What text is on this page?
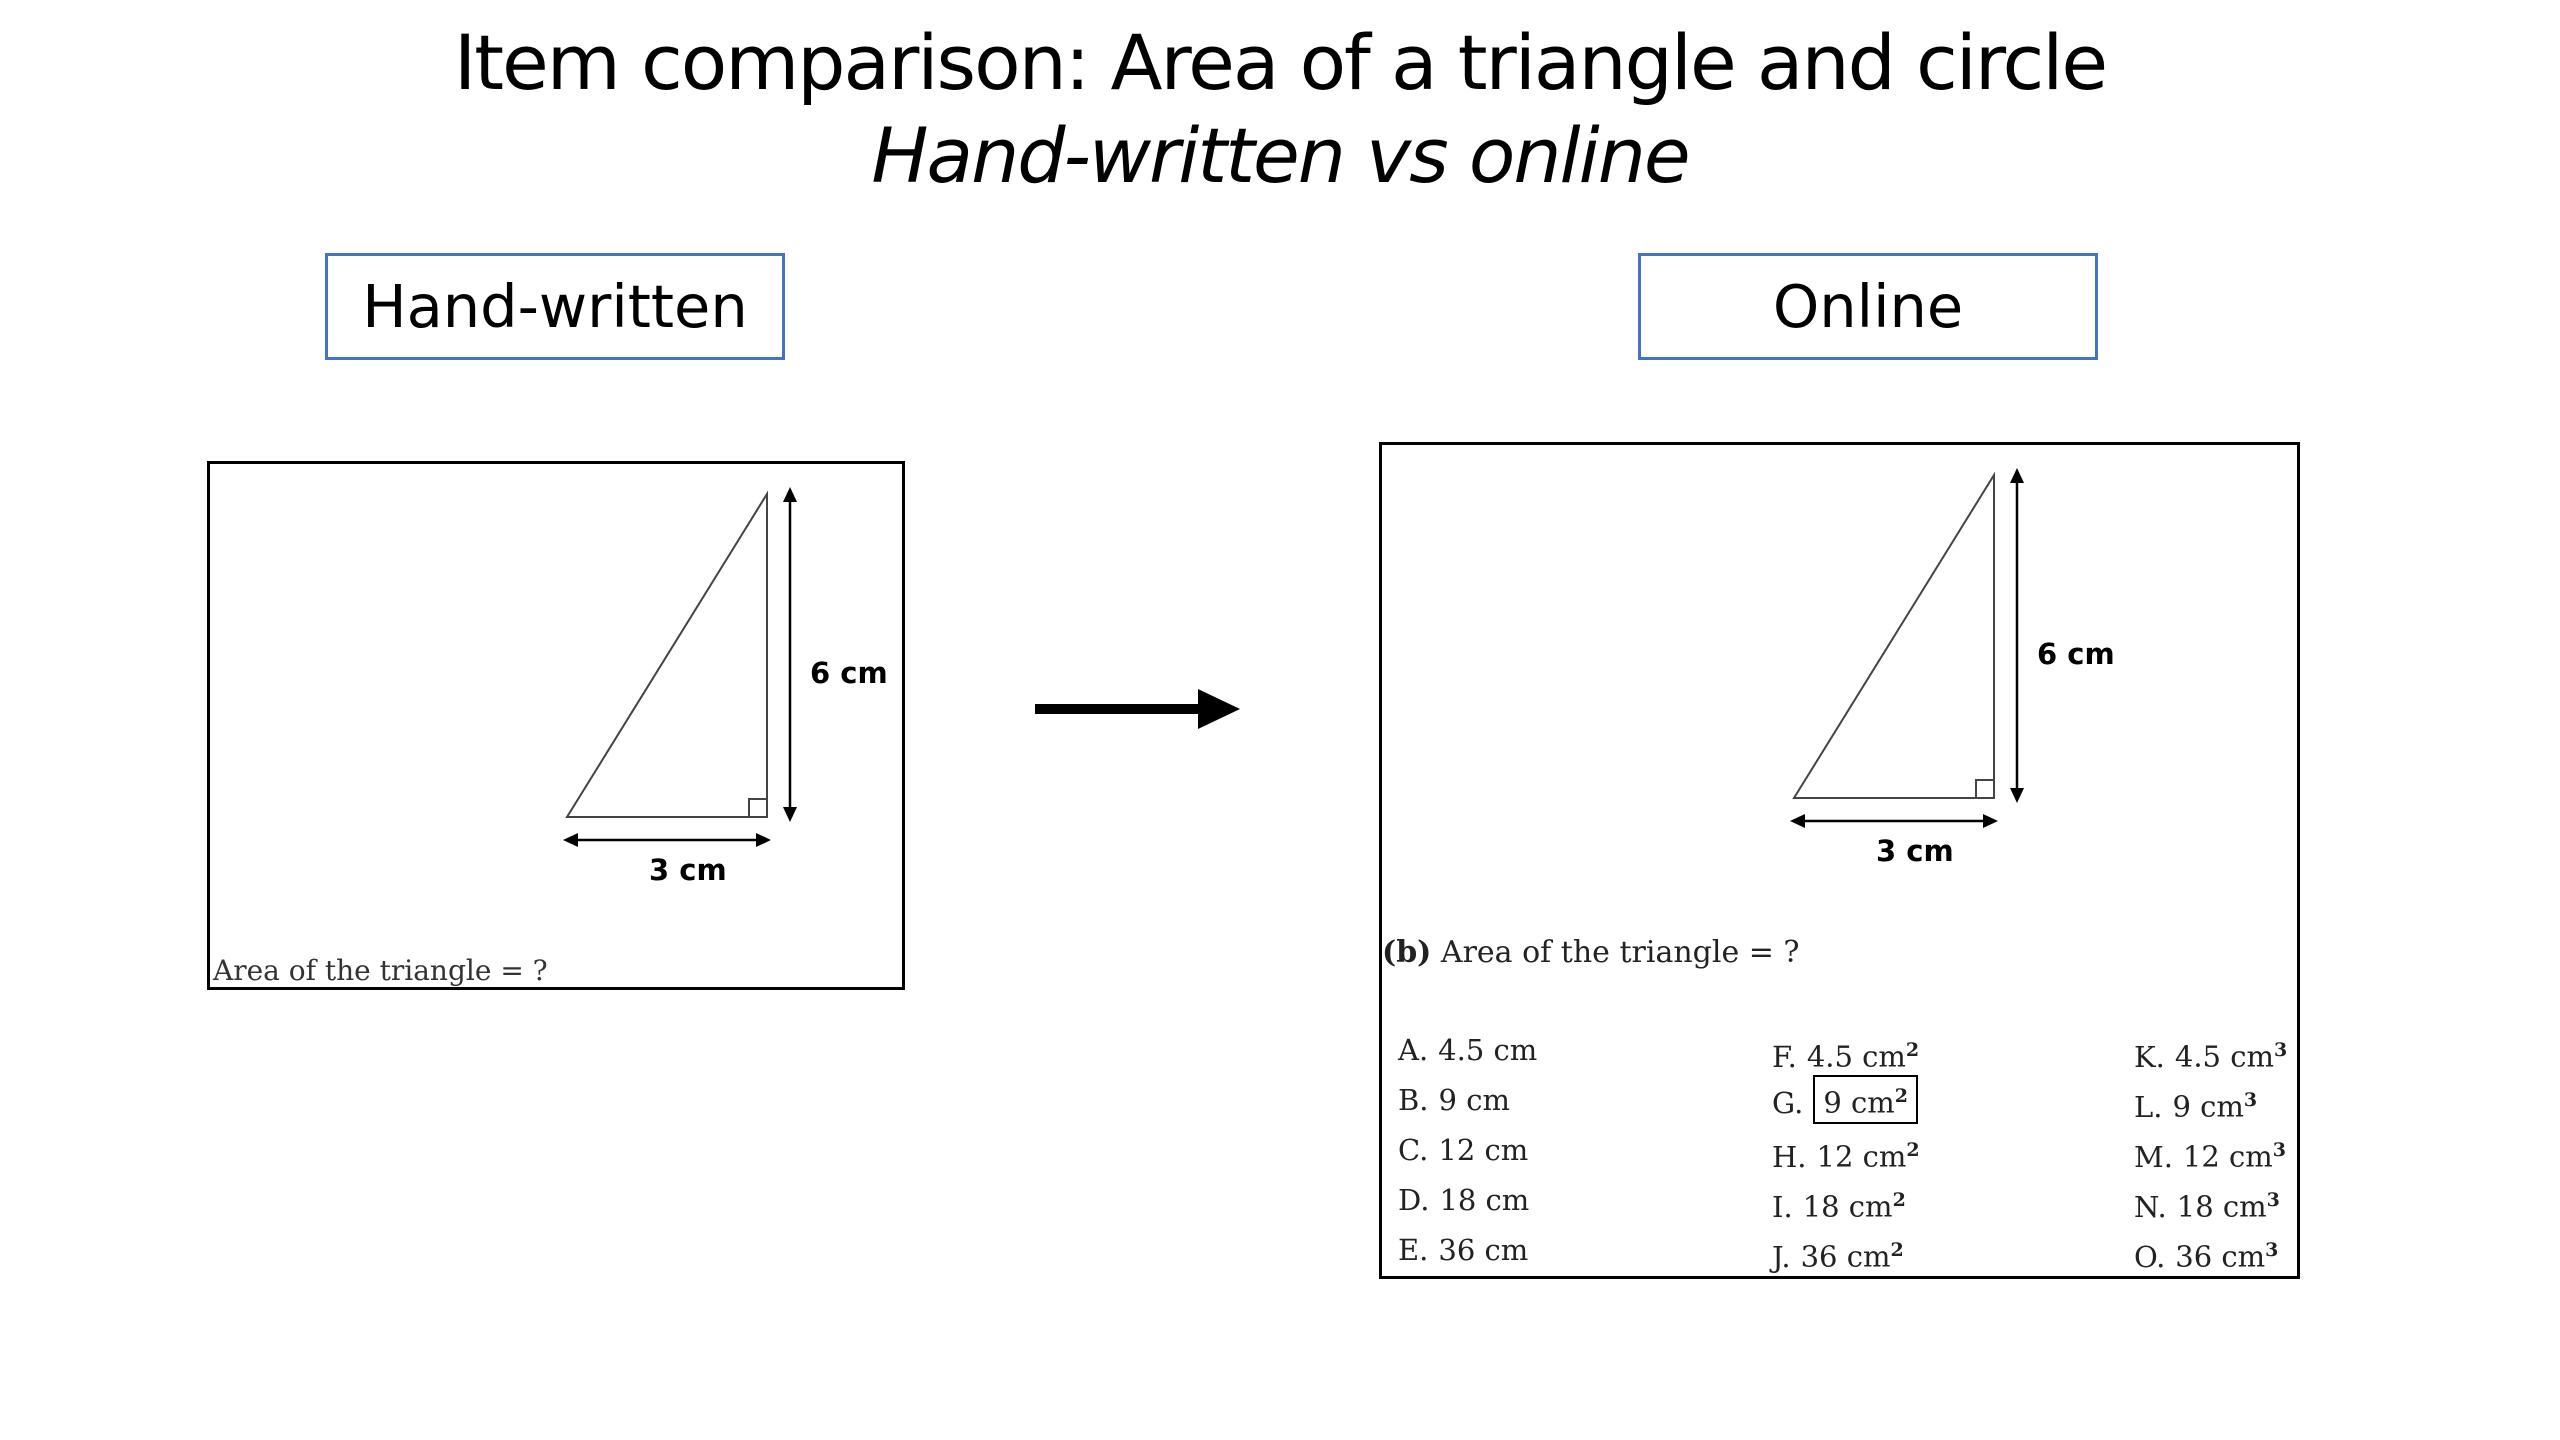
Item comparison: Area of a triangle and circle
Hand-written vs online
Hand-written	Online
6 cm
3 cm
Area of the triangle = ?
6 cm
3 cm
(b) Area of the triangle = ?
A. 4.5 cm
B. 9 cm
C. 12 cm
D. 18 cm
E. 36 cm
F. 4.5 $cm^2$
G. 9 $cm^2$
H. 12 $cm^2$
I. 18 $cm^2$
J. 36 $cm^2$
K. 4.5 $cm^3$
L. 9 $cm^3$
M. 12 $cm^3$
N. 18 $cm^3$
O. 36 $cm^3$
